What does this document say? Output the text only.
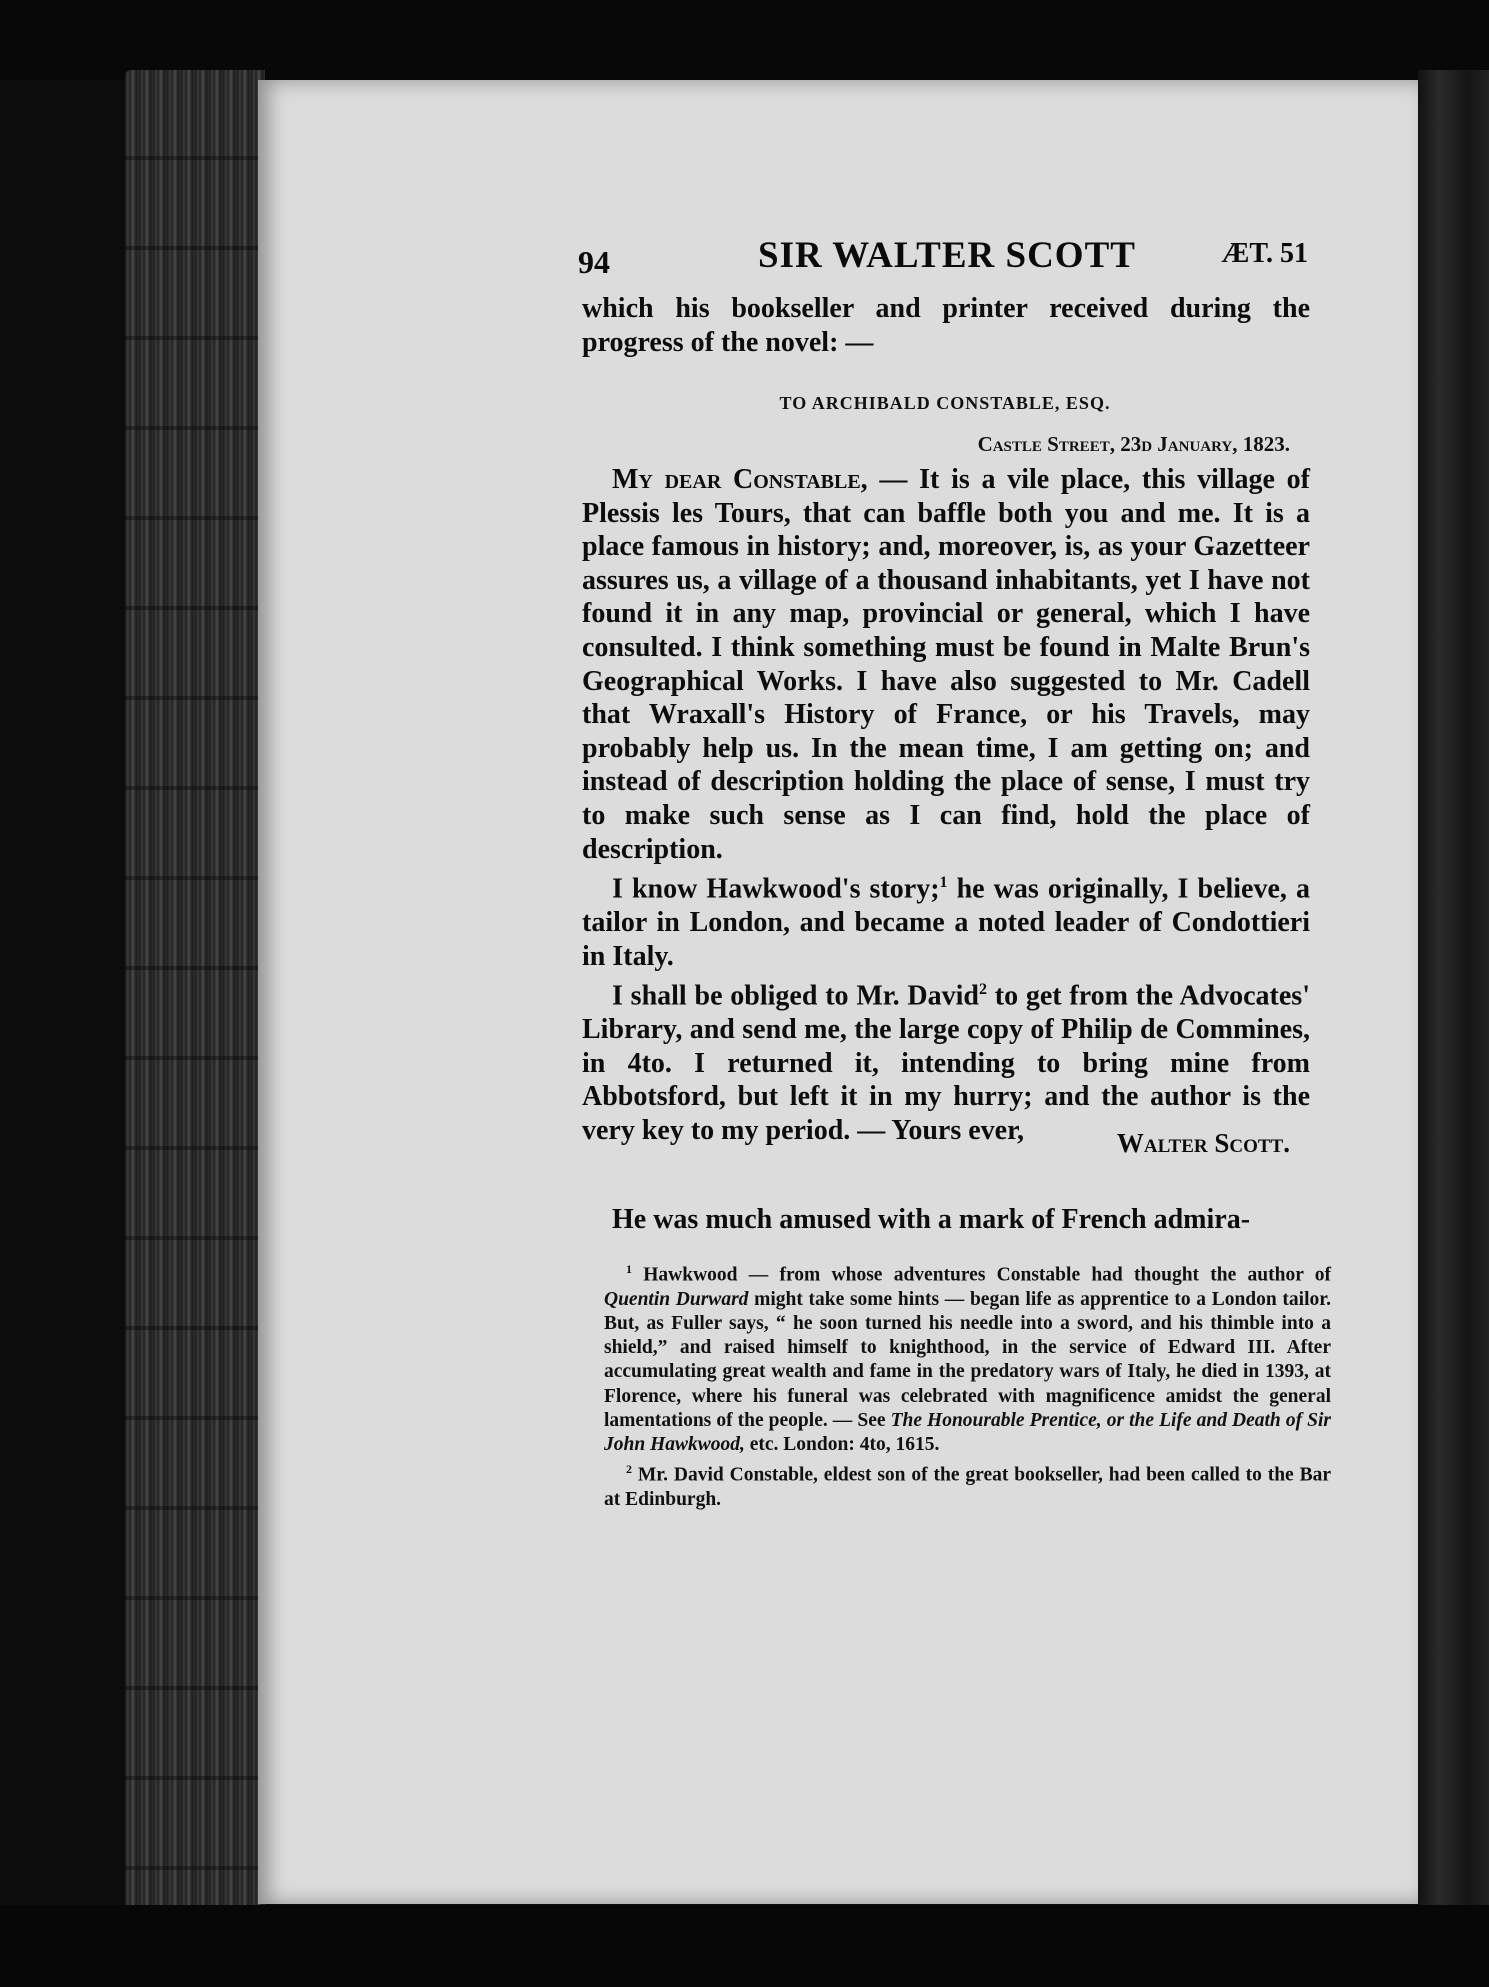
94	SIR WALTER SCOTT	ÆT. 51
which his bookseller and printer received during the progress of the novel: —
TO ARCHIBALD CONSTABLE, ESQ.
Castle Street, 23d January, 1823.

My dear Constable, — It is a vile place, this village of Plessis les Tours, that can baffle both you and me. It is a place famous in history; and, moreover, is, as your Gazetteer assures us, a village of a thousand inhabitants, yet I have not found it in any map, provincial or general, which I have consulted. I think something must be found in Malte Brun's Geographical Works. I have also suggested to Mr. Cadell that Wraxall's History of France, or his Travels, may probably help us. In the mean time, I am getting on; and instead of description holding the place of sense, I must try to make such sense as I can find, hold the place of description.

I know Hawkwood's story;$^1$ he was originally, I believe, a tailor in London, and became a noted leader of Condottieri in Italy.

I shall be obliged to Mr. David$^2$ to get from the Advocates' Library, and send me, the large copy of Philip de Commines, in 4to. I returned it, intending to bring mine from Abbotsford, but left it in my hurry; and the author is the very key to my period. — Yours ever,	Walter Scott.
He was much amused with a mark of French admira-

$^1$ Hawkwood — from whose adventures Constable had thought the author of Quentin Durward might take some hints — began life as apprentice to a London tailor. But, as Fuller says, “ he soon turned his needle into a sword, and his thimble into a shield,” and raised himself to knighthood, in the service of Edward III. After accumulating great wealth and fame in the predatory wars of Italy, he died in 1393, at Florence, where his funeral was celebrated with magnificence amidst the general lamentations of the people. — See The Honourable Prentice, or the Life and Death of Sir John Hawkwood, etc. London: 4to, 1615.

$^2$ Mr. David Constable, eldest son of the great bookseller, had been called to the Bar at Edinburgh.
